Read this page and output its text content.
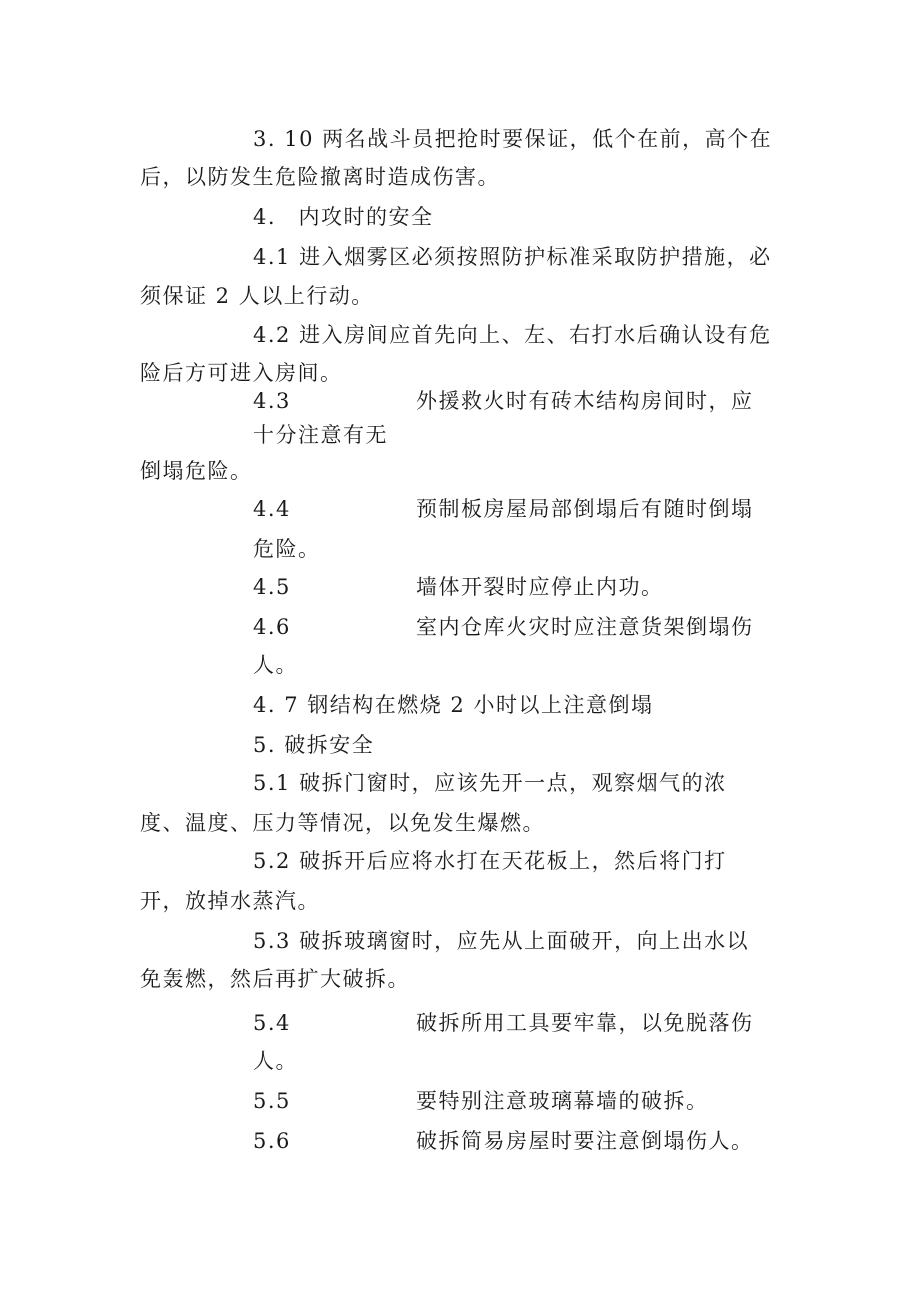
3. 10 两名战斗员把抢时要保证，低个在前，高个在
后，以防发生危险撤离时造成伤害。
4.　内攻时的安全
4.1 进入烟雾区必须按照防护标准采取防护措施，必
须保证 2 人以上行动。
4.2 进入房间应首先向上、左、右打水后确认设有危
险后方可进入房间。
4.3	外援救火时有砖木结构房间时，应
十分注意有无
倒塌危险。
4.4	预制板房屋局部倒塌后有随时倒塌
危险。
4.5	墙体开裂时应停止内功。
4.6	室内仓库火灾时应注意货架倒塌伤
人。
4. 7 钢结构在燃烧 2 小时以上注意倒塌
5. 破拆安全
5.1 破拆门窗时，应该先开一点，观察烟气的浓
度、温度、压力等情况，以免发生爆燃。
5.2 破拆开后应将水打在天花板上，然后将门打
开，放掉水蒸汽。
5.3 破拆玻璃窗时，应先从上面破开，向上出水以
免轰燃，然后再扩大破拆。
5.4	破拆所用工具要牢靠，以免脱落伤
人。
5.5	要特别注意玻璃幕墙的破拆。
5.6	破拆简易房屋时要注意倒塌伤人。
